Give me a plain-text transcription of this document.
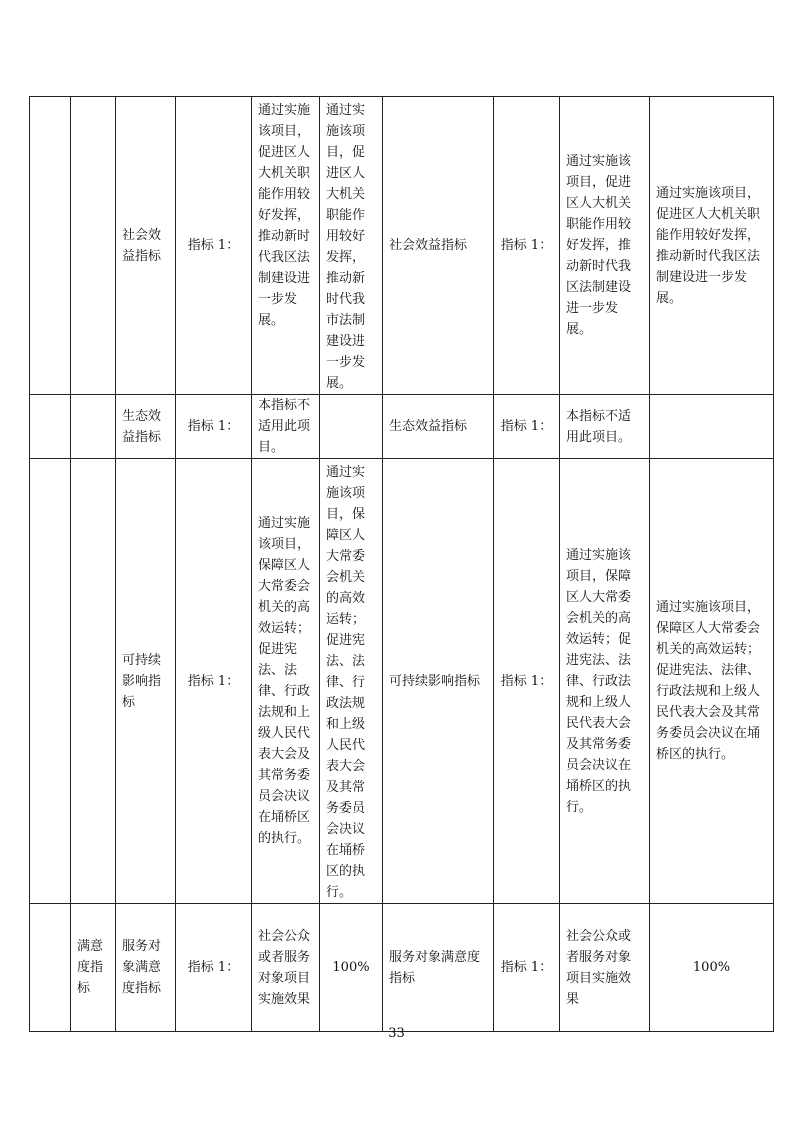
		社会效益指标	指标 1：	通过实施该项目，促进区人大机关职能作用较好发挥，推动新时代我区法制建设进一步发展。	通过实施该项目，促进区人大机关职能作用较好发挥，推动新时代我市法制建设进一步发展。	社会效益指标	指标 1：	通过实施该项目，促进区人大机关职能作用较好发挥，推动新时代我区法制建设进一步发展。	通过实施该项目，促进区人大机关职能作用较好发挥，推动新时代我区法制建设进一步发展。
		生态效益指标	指标 1：	本指标不适用此项目。		生态效益指标	指标 1：	本指标不适用此项目。	
		可持续影响指标	指标 1：	通过实施该项目，保障区人大常委会机关的高效运转；促进宪法、法律、行政法规和上级人民代表大会及其常务委员会决议在埇桥区的执行。	通过实施该项目，保障区人大常委会机关的高效运转；促进宪法、法律、行政法规和上级人民代表大会及其常务委员会决议在埇桥区的执行。	可持续影响指标	指标 1：	通过实施该项目，保障区人大常委会机关的高效运转；促进宪法、法律、行政法规和上级人民代表大会及其常务委员会决议在埇桥区的执行。	通过实施该项目，保障区人大常委会机关的高效运转；促进宪法、法律、行政法规和上级人民代表大会及其常务委员会决议在埇桥区的执行。
	满意度指标	服务对象满意度指标	指标 1：	社会公众或者服务对象项目实施效果	100%	服务对象满意度指标	指标 1：	社会公众或者服务对象项目实施效果	100%
33
